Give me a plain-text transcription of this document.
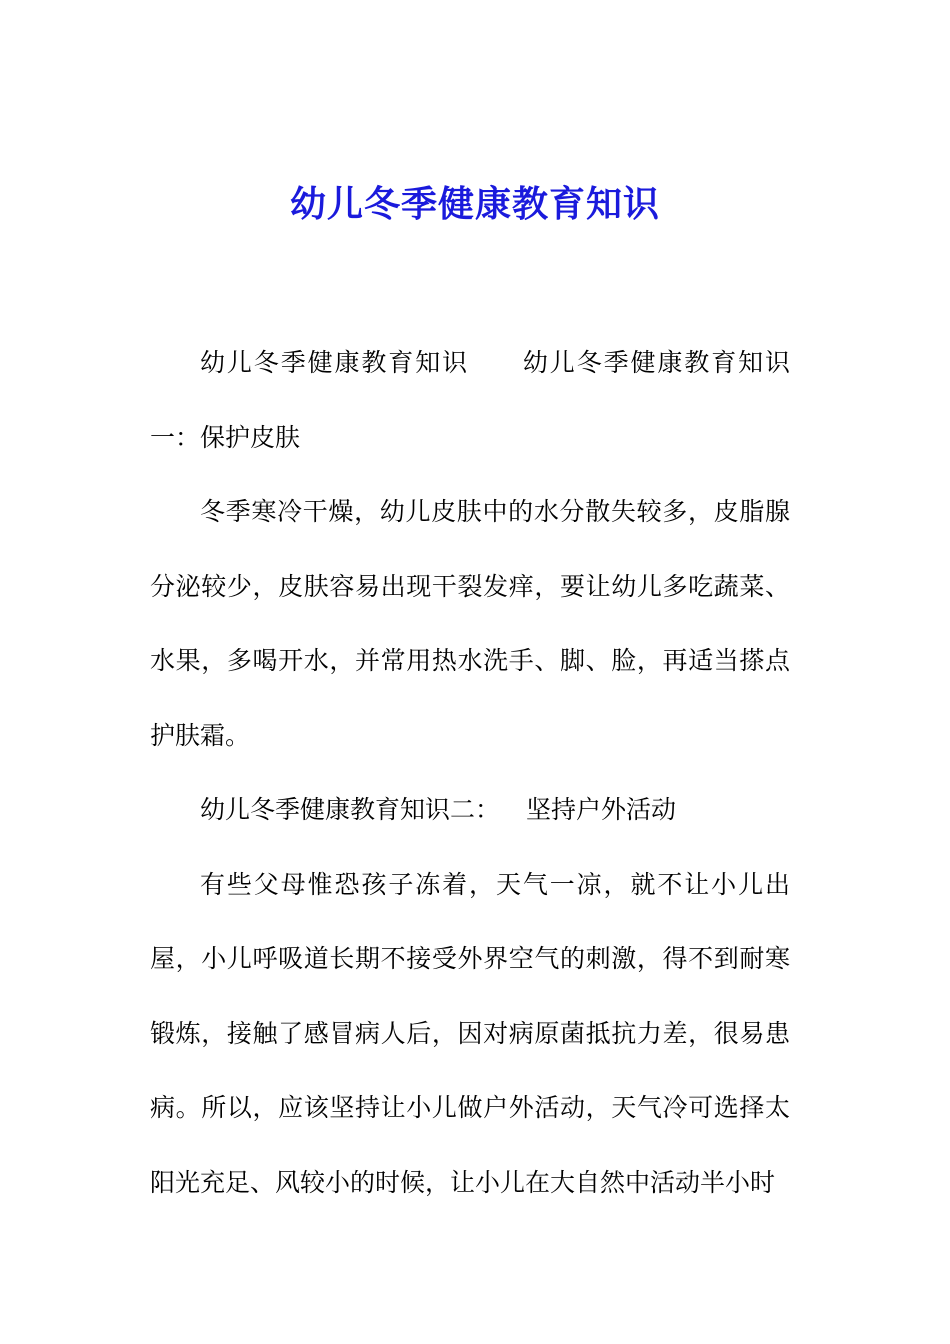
幼儿冬季健康教育知识

幼儿冬季健康教育知识 幼儿冬季健康教育知识一：保护皮肤

冬季寒冷干燥，幼儿皮肤中的水分散失较多，皮脂腺分泌较少，皮肤容易出现干裂发痒，要让幼儿多吃蔬菜、水果，多喝开水，并常用热水洗手、脚、脸，再适当搽点护肤霜。

幼儿冬季健康教育知识二： 坚持户外活动

有些父母惟恐孩子冻着，天气一凉，就不让小儿出屋，小儿呼吸道长期不接受外界空气的刺激，得不到耐寒锻炼，接触了感冒病人后，因对病原菌抵抗力差，很易患病。所以，应该坚持让小儿做户外活动，天气冷可选择太阳光充足、风较小的时候，让小儿在大自然中活动半小时
